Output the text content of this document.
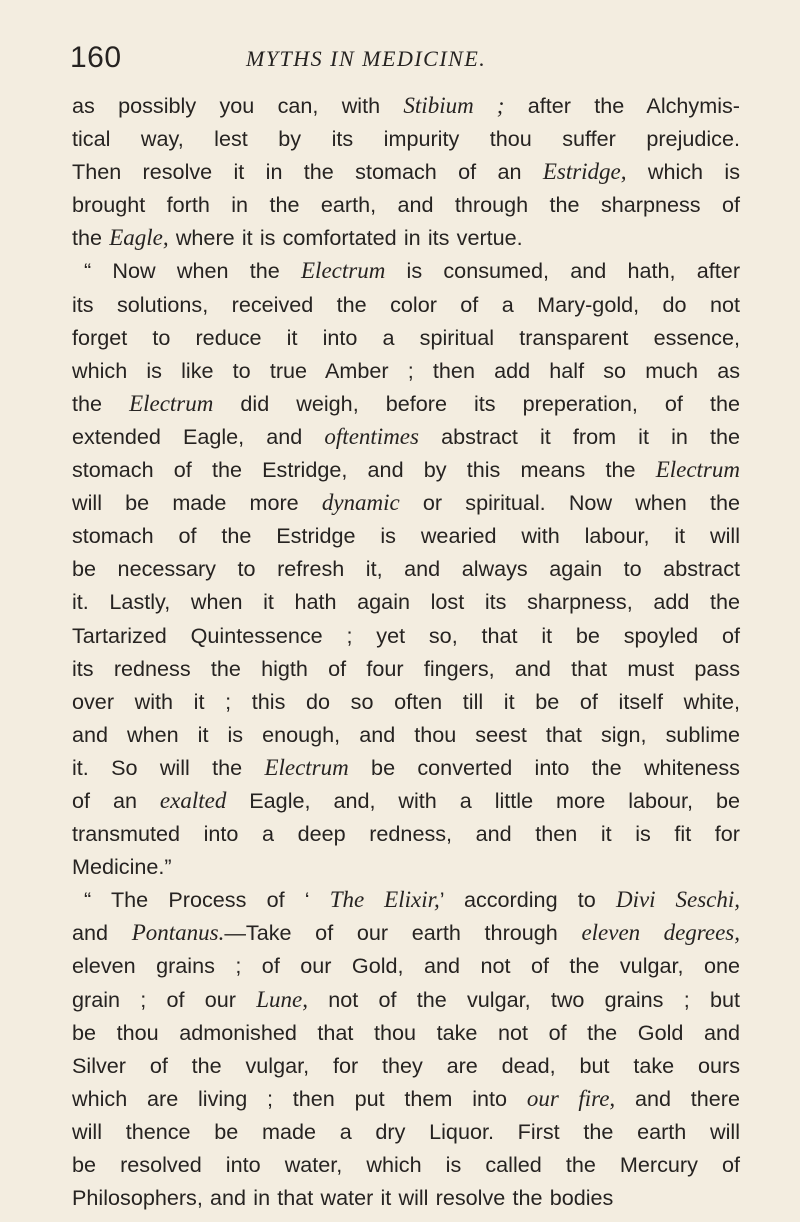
160	MYTHS IN MEDICINE.
as possibly you can, with Stibium ; after the Alchymis-
tical way, lest by its impurity thou suffer prejudice.
Then resolve it in the stomach of an Estridge, which is
brought forth in the earth, and through the sharpness of
the Eagle, where it is comfortated in its vertue.
“ Now when the Electrum is consumed, and hath, after
its solutions, received the color of a Mary-gold, do not
forget to reduce it into a spiritual transparent essence,
which is like to true Amber ; then add half so much as
the Electrum did weigh, before its preperation, of the
extended Eagle, and oftentimes abstract it from it in the
stomach of the Estridge, and by this means the Electrum
will be made more dynamic or spiritual. Now when the
stomach of the Estridge is wearied with labour, it will
be necessary to refresh it, and always again to abstract
it. Lastly, when it hath again lost its sharpness, add the
Tartarized Quintessence ; yet so, that it be spoyled of
its redness the higth of four fingers, and that must pass
over with it ; this do so often till it be of itself white,
and when it is enough, and thou seest that sign, sublime
it. So will the Electrum be converted into the whiteness
of an exalted Eagle, and, with a little more labour, be
transmuted into a deep redness, and then it is fit for
Medicine.”
“ The Process of ‘ The Elixir,’ according to Divi Seschi,
and Pontanus.—Take of our earth through eleven degrees,
eleven grains ; of our Gold, and not of the vulgar, one
grain ; of our Lune, not of the vulgar, two grains ; but
be thou admonished that thou take not of the Gold and
Silver of the vulgar, for they are dead, but take ours
which are living ; then put them into our fire, and there
will thence be made a dry Liquor. First the earth will
be resolved into water, which is called the Mercury of
Philosophers, and in that water it will resolve the bodies
